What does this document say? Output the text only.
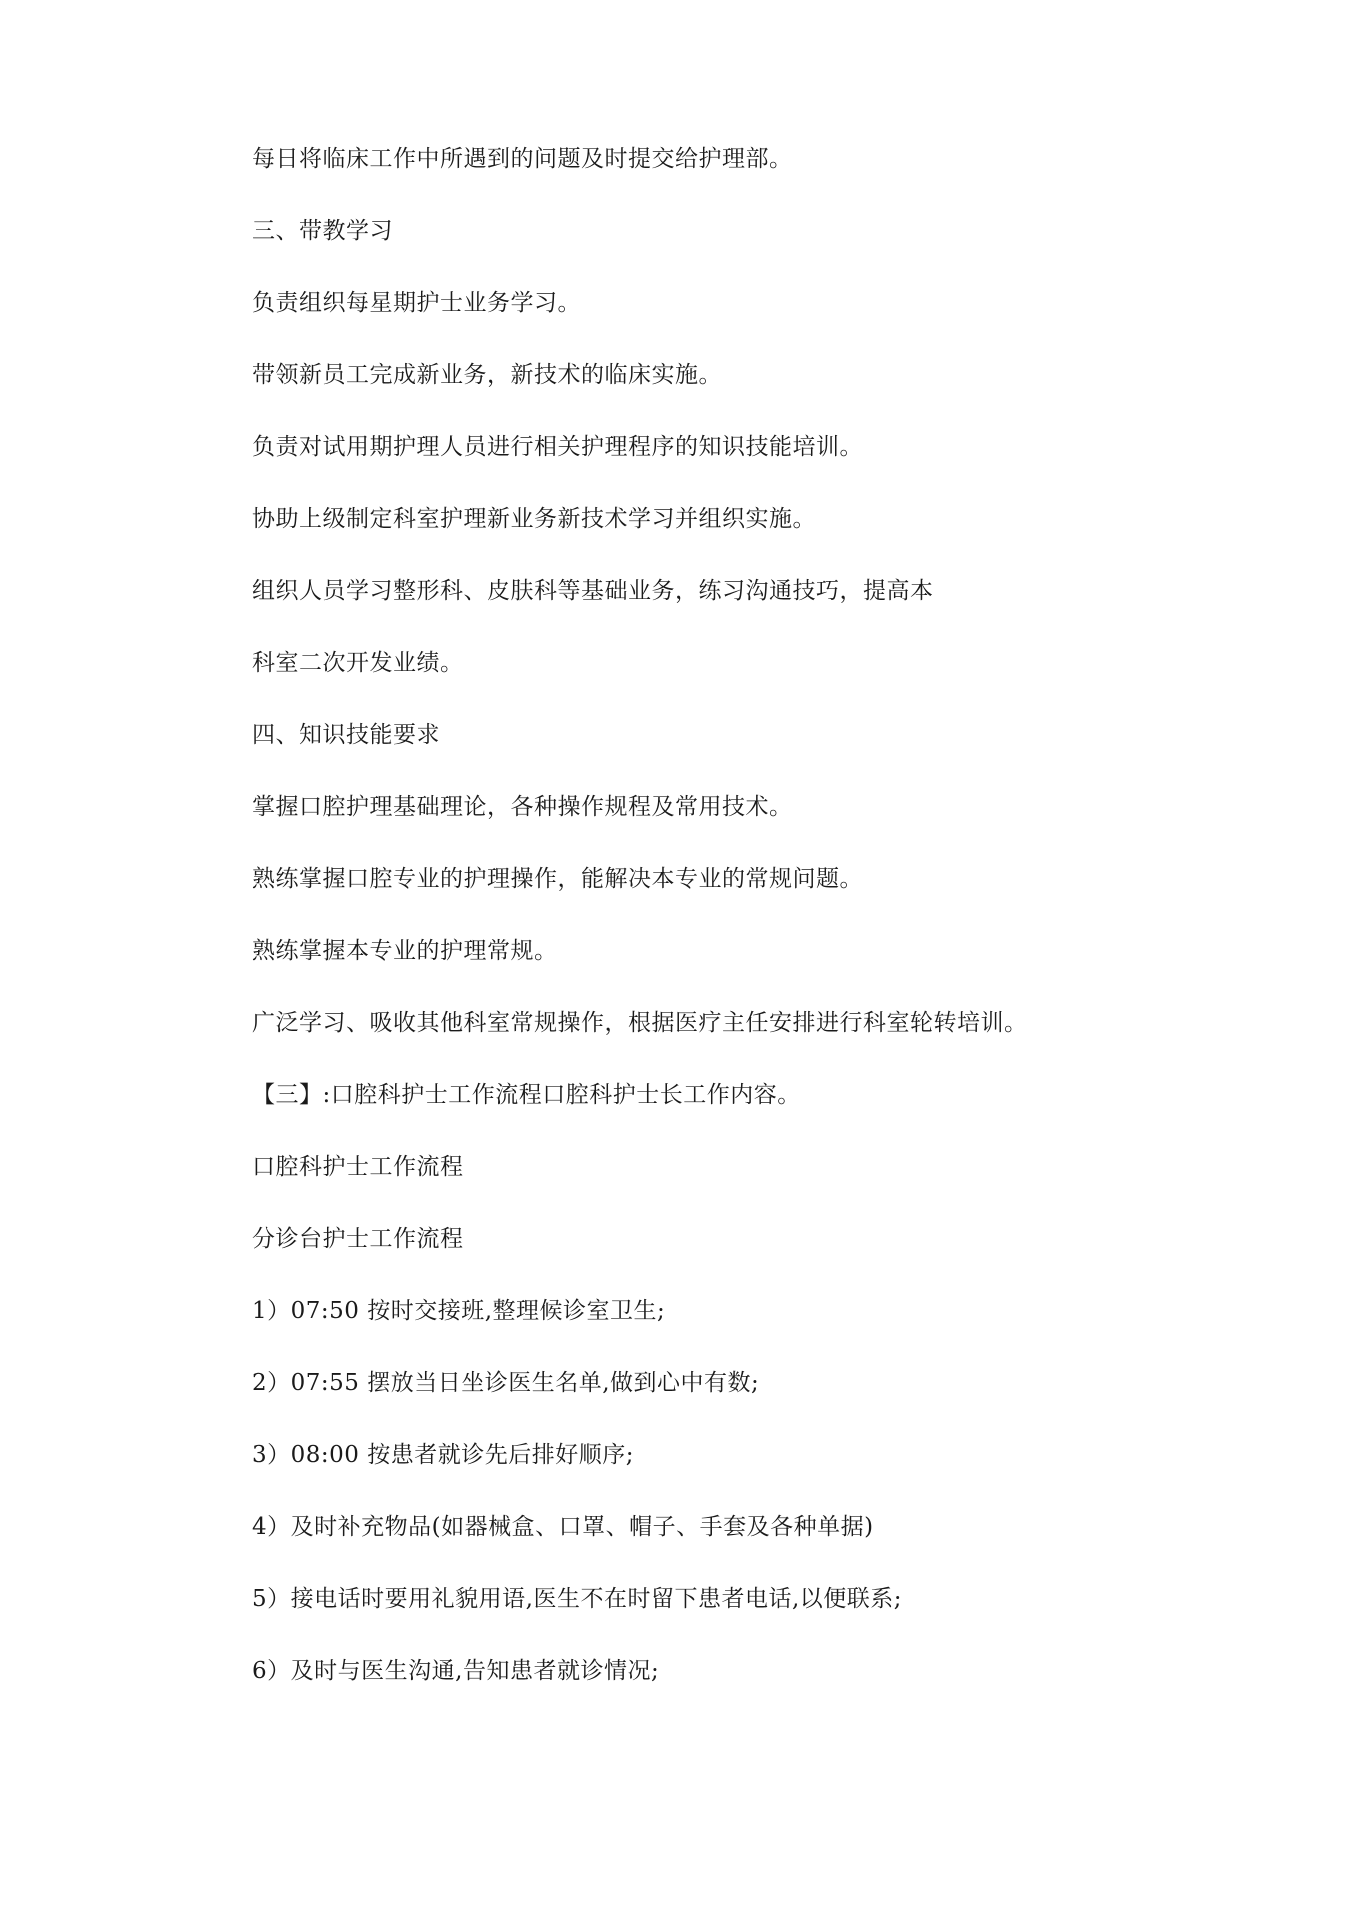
每日将临床工作中所遇到的问题及时提交给护理部。

三、带教学习

负责组织每星期护士业务学习。

带领新员工完成新业务，新技术的临床实施。

负责对试用期护理人员进行相关护理程序的知识技能培训。

协助上级制定科室护理新业务新技术学习并组织实施。

组织人员学习整形科、皮肤科等基础业务，练习沟通技巧，提高本

科室二次开发业绩。

四、知识技能要求

掌握口腔护理基础理论，各种操作规程及常用技术。

熟练掌握口腔专业的护理操作，能解决本专业的常规问题。

熟练掌握本专业的护理常规。

广泛学习、吸收其他科室常规操作，根据医疗主任安排进行科室轮转培训。

【三】:口腔科护士工作流程口腔科护士长工作内容。

口腔科护士工作流程

分诊台护士工作流程

1）07:50 按时交接班,整理候诊室卫生;

2）07:55 摆放当日坐诊医生名单,做到心中有数;

3）08:00 按患者就诊先后排好顺序;

4）及时补充物品(如器械盒、口罩、帽子、手套及各种单据)

5）接电话时要用礼貌用语,医生不在时留下患者电话,以便联系;

6）及时与医生沟通,告知患者就诊情况;
